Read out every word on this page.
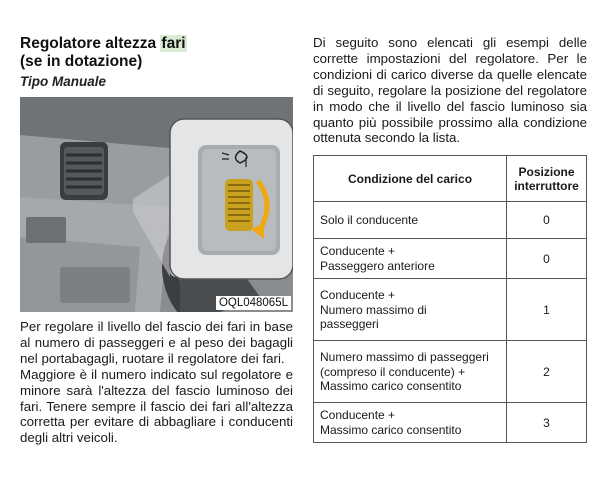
Regolatore altezza fari
(se in dotazione)
Tipo Manuale
OQL048065L

Per regolare il livello del fascio dei fari in base al numero di passeggeri e al peso dei bagagli nel portabagagli, ruotare il regolatore dei fari.

Maggiore è il numero indicato sul regolatore e minore sarà l'altezza del fascio luminoso dei fari. Tenere sempre il fascio dei fari all'altezza corretta per evitare di abbagliare i conducenti degli altri veicoli.

Di seguito sono elencati gli esempi delle corrette impostazioni del regolatore. Per le condizioni di carico diverse da quelle elencate di seguito, regolare la posizione del regolatore in modo che il livello del fascio luminoso sia quanto più possibile prossimo alla condizione ottenuta secondo la lista.

Condizione del carico	Posizione
interruttore
Solo il conducente	0
Conducente +
Passeggero anteriore	0
Conducente +
Numero massimo di
passeggeri	1
Numero massimo di passeggeri
(compreso il conducente) +
Massimo carico consentito	2
Conducente +
Massimo carico consentito	3
